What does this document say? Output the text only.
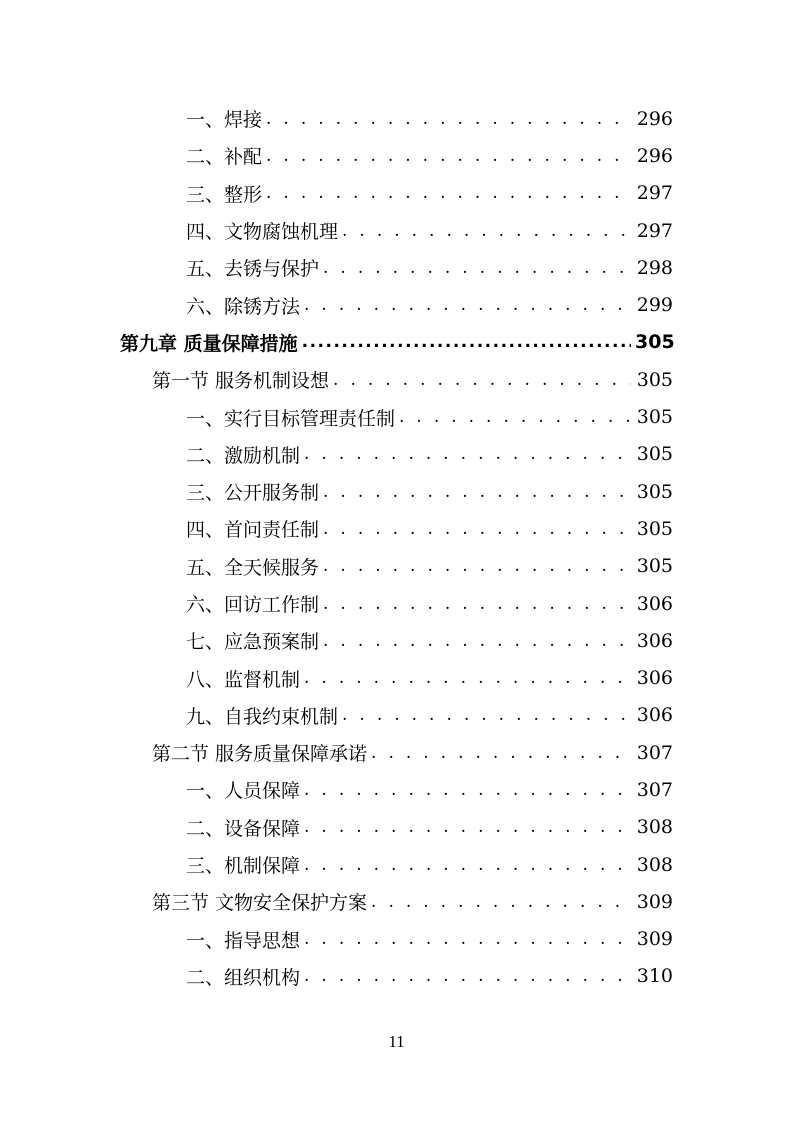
一、焊接 . . .	296
二、补配 . . .	296
三、整形 . . .	297
四、文物腐蚀机理 . . .	297
五、去锈与保护 . . .	298
六、除锈方法 . . .	299
第九章 质量保障措施 .....	305
第一节 服务机制设想 . . .	305
一、实行目标管理责任制 . . .	305
二、激励机制 . . .	305
三、公开服务制 . . .	305
四、首问责任制 . . .	305
五、全天候服务 . . .	305
六、回访工作制 . . .	306
七、应急预案制 . . .	306
八、监督机制 . . .	306
九、自我约束机制 . . .	306
第二节 服务质量保障承诺 . . .	307
一、人员保障 . . .	307
二、设备保障 . . .	308
三、机制保障 . . .	308
第三节 文物安全保护方案 . . .	309
一、指导思想 . . .	309
二、组织机构 . . .	310
11
